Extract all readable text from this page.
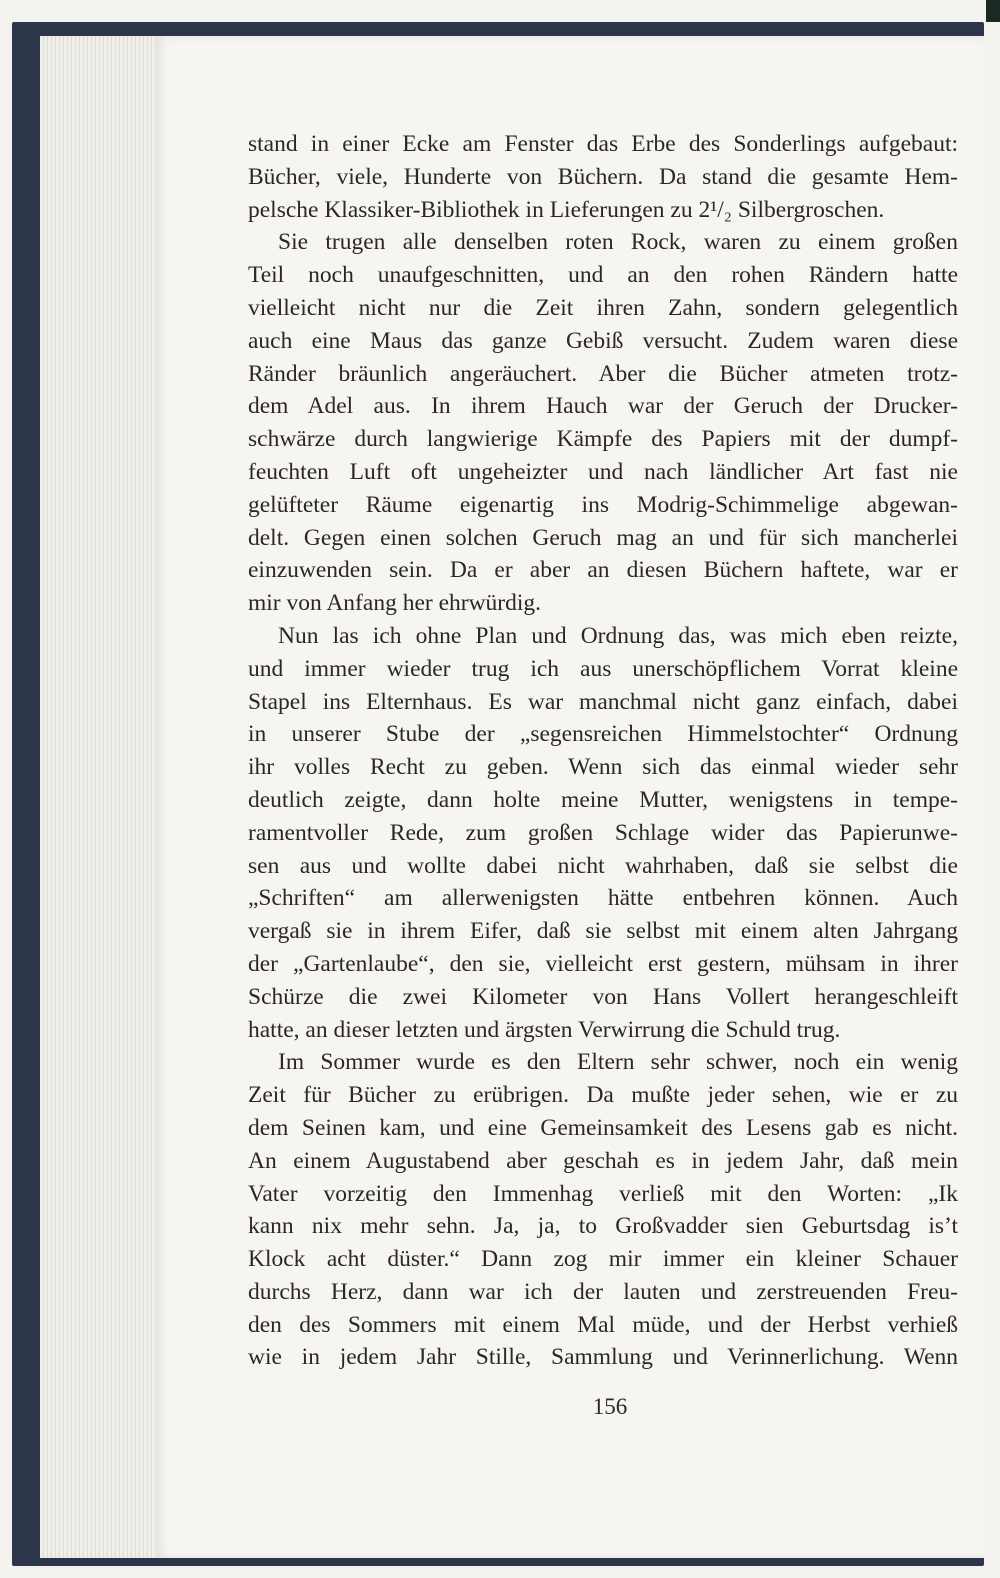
stand in einer Ecke am Fenster das Erbe des Sonderlings aufgebaut:
Bücher, viele, Hunderte von Büchern. Da stand die gesamte Hem-
pelsche Klassiker-Bibliothek in Lieferungen zu 2¹/₂ Silbergroschen.
Sie trugen alle denselben roten Rock, waren zu einem großen
Teil noch unaufgeschnitten, und an den rohen Rändern hatte
vielleicht nicht nur die Zeit ihren Zahn, sondern gelegentlich
auch eine Maus das ganze Gebiß versucht. Zudem waren diese
Ränder bräunlich angeräuchert. Aber die Bücher atmeten trotz-
dem Adel aus. In ihrem Hauch war der Geruch der Drucker-
schwärze durch langwierige Kämpfe des Papiers mit der dumpf-
feuchten Luft oft ungeheizter und nach ländlicher Art fast nie
gelüfteter Räume eigenartig ins Modrig-Schimmelige abgewan-
delt. Gegen einen solchen Geruch mag an und für sich mancherlei
einzuwenden sein. Da er aber an diesen Büchern haftete, war er
mir von Anfang her ehrwürdig.
Nun las ich ohne Plan und Ordnung das, was mich eben reizte,
und immer wieder trug ich aus unerschöpflichem Vorrat kleine
Stapel ins Elternhaus. Es war manchmal nicht ganz einfach, dabei
in unserer Stube der „segensreichen Himmelstochter“ Ordnung
ihr volles Recht zu geben. Wenn sich das einmal wieder sehr
deutlich zeigte, dann holte meine Mutter, wenigstens in tempe-
ramentvoller Rede, zum großen Schlage wider das Papierunwe-
sen aus und wollte dabei nicht wahrhaben, daß sie selbst die
„Schriften“ am allerwenigsten hätte entbehren können. Auch
vergaß sie in ihrem Eifer, daß sie selbst mit einem alten Jahrgang
der „Gartenlaube“, den sie, vielleicht erst gestern, mühsam in ihrer
Schürze die zwei Kilometer von Hans Vollert herangeschleift
hatte, an dieser letzten und ärgsten Verwirrung die Schuld trug.
Im Sommer wurde es den Eltern sehr schwer, noch ein wenig
Zeit für Bücher zu erübrigen. Da mußte jeder sehen, wie er zu
dem Seinen kam, und eine Gemeinsamkeit des Lesens gab es nicht.
An einem Augustabend aber geschah es in jedem Jahr, daß mein
Vater vorzeitig den Immenhag verließ mit den Worten: „Ik
kann nix mehr sehn. Ja, ja, to Großvadder sien Geburtsdag is’t
Klock acht düster.“ Dann zog mir immer ein kleiner Schauer
durchs Herz, dann war ich der lauten und zerstreuenden Freu-
den des Sommers mit einem Mal müde, und der Herbst verhieß
wie in jedem Jahr Stille, Sammlung und Verinnerlichung. Wenn
156
